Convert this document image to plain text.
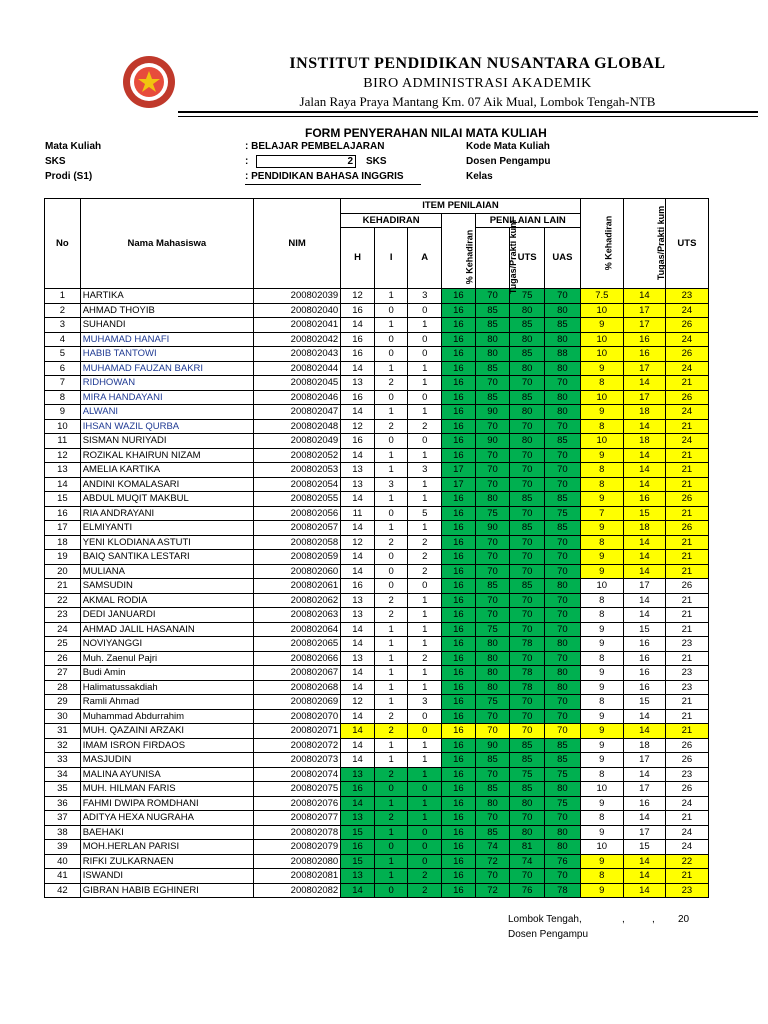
INSTITUT PENDIDIKAN NUSANTARA GLOBAL
BIRO ADMINISTRASI AKADEMIK
Jalan Raya Praya Mantang Km. 07 Aik Mual, Lombok Tengah-NTB
FORM PENYERAHAN NILAI MATA KULIAH
Mata Kuliah	: BELAJAR PEMBELAJARAN	Kode Mata Kuliah
SKS	:	2	SKS	Dosen Pengampu
Prodi (S1)	: PENDIDIKAN BAHASA INGGRIS	Kelas
No	Nama Mahasiswa	NIM	ITEM PENILAIAN							% Kehadiran	Tugas/Prakti kum	UTS
			KEHADIRAN				PENILAIAN LAIN					
			H	I	A	% Kehadiran	Tugas/Prakti kum	UTS	UAS			
1	HARTIKA	200802039	12	1	3	16	70	75	70	7.5	14	23
2	AHMAD THOYIB	200802040	16	0	0	16	85	80	80	10	17	24
3	SUHANDI	200802041	14	1	1	16	85	85	85	9	17	26
4	MUHAMAD HANAFI	200802042	16	0	0	16	80	80	80	10	16	24
5	HABIB TANTOWI	200802043	16	0	0	16	80	85	88	10	16	26
6	MUHAMAD FAUZAN BAKRI	200802044	14	1	1	16	85	80	80	9	17	24
7	RIDHOWAN	200802045	13	2	1	16	70	70	70	8	14	21
8	MIRA HANDAYANI	200802046	16	0	0	16	85	85	80	10	17	26
9	ALWANI	200802047	14	1	1	16	90	80	80	9	18	24
10	IHSAN WAZIL QURBA	200802048	12	2	2	16	70	70	70	8	14	21
11	SISMAN NURIYADI	200802049	16	0	0	16	90	80	85	10	18	24
12	ROZIKAL KHAIRUN NIZAM	200802052	14	1	1	16	70	70	70	9	14	21
13	AMELIA KARTIKA	200802053	13	1	3	17	70	70	70	8	14	21
14	ANDINI KOMALASARI	200802054	13	3	1	17	70	70	70	8	14	21
15	ABDUL MUQIT MAKBUL	200802055	14	1	1	16	80	85	85	9	16	26
16	RIA ANDRAYANI	200802056	11	0	5	16	75	70	75	7	15	21
17	ELMIYANTI	200802057	14	1	1	16	90	85	85	9	18	26
18	YENI KLODIANA ASTUTI	200802058	12	2	2	16	70	70	70	8	14	21
19	BAIQ SANTIKA LESTARI	200802059	14	0	2	16	70	70	70	9	14	21
20	MULIANA	200802060	14	0	2	16	70	70	70	9	14	21
21	SAMSUDIN	200802061	16	0	0	16	85	85	80	10	17	26
22	AKMAL RODIA	200802062	13	2	1	16	70	70	70	8	14	21
23	DEDI JANUARDI	200802063	13	2	1	16	70	70	70	8	14	21
24	AHMAD JALIL HASANAIN	200802064	14	1	1	16	75	70	70	9	15	21
25	NOVIYANGGI	200802065	14	1	1	16	80	78	80	9	16	23
26	Muh. Zaenul Pajri	200802066	13	1	2	16	80	70	70	8	16	21
27	Budi Amin	200802067	14	1	1	16	80	78	80	9	16	23
28	Halimatussakdiah	200802068	14	1	1	16	80	78	80	9	16	23
29	Ramli Ahmad	200802069	12	1	3	16	75	70	70	8	15	21
30	Muhammad Abdurrahim	200802070	14	2	0	16	70	70	70	9	14	21
31	MUH. QAZAINI ARZAKI	200802071	14	2	0	16	70	70	70	9	14	21
32	IMAM ISRON FIRDAOS	200802072	14	1	1	16	90	85	85	9	18	26
33	MASJUDIN	200802073	14	1	1	16	85	85	85	9	17	26
34	MALINA AYUNISA	200802074	13	2	1	16	70	75	75	8	14	23
35	MUH. HILMAN FARIS	200802075	16	0	0	16	85	85	80	10	17	26
36	FAHMI DWIPA ROMDHANI	200802076	14	1	1	16	80	80	75	9	16	24
37	ADITYA HEXA NUGRAHA	200802077	13	2	1	16	70	70	70	8	14	21
38	BAEHAKI	200802078	15	1	0	16	85	80	80	9	17	24
39	MOH.HERLAN PARISI	200802079	16	0	0	16	74	81	80	10	15	24
40	RIFKI ZULKARNAEN	200802080	15	1	0	16	72	74	76	9	14	22
41	ISWANDI	200802081	13	1	2	16	70	70	70	8	14	21
42	GIBRAN HABIB EGHINERI	200802082	14	0	2	16	72	76	78	9	14	23
Lombok Tengah,	,	, 20
Dosen Pengampu
